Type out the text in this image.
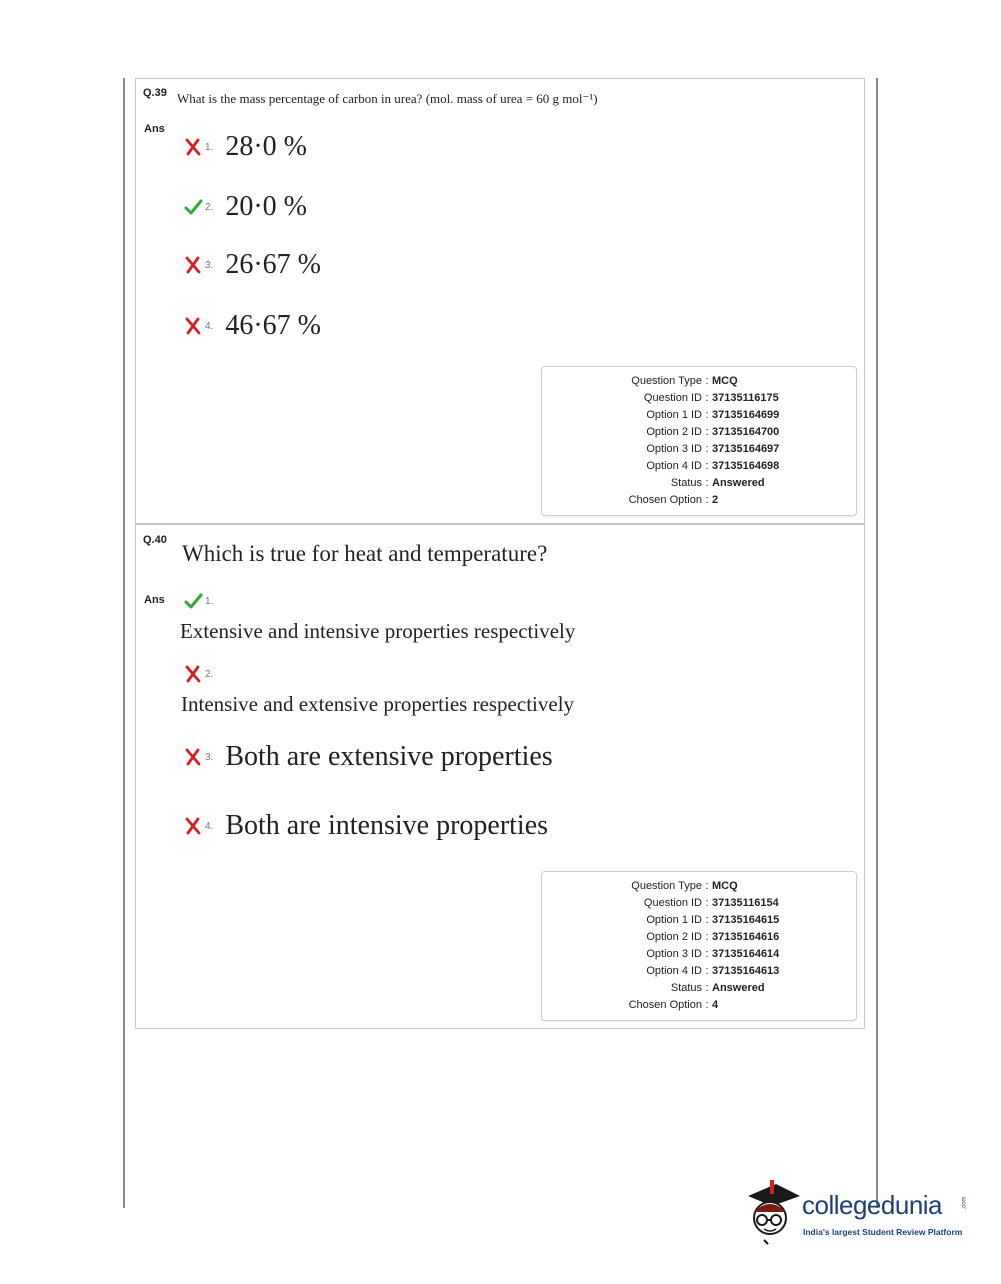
Q.39 What is the mass percentage of carbon in urea? (mol. mass of urea = 60 g mol⁻¹)
Ans
1. 28·0 %
2. 20·0 %
3. 26·67 %
4. 46·67 %
Question Type : MCQ
Question ID : 37135116175
Option 1 ID : 37135164699
Option 2 ID : 37135164700
Option 3 ID : 37135164697
Option 4 ID : 37135164698
Status : Answered
Chosen Option : 2
Q.40
Which is true for heat and temperature?
Ans	1.
Extensive and intensive properties respectively
2.
Intensive and extensive properties respectively
3. Both are extensive properties
4. Both are intensive properties
Question Type : MCQ
Question ID : 37135116154
Option 1 ID : 37135164615
Option 2 ID : 37135164616
Option 3 ID : 37135164614
Option 4 ID : 37135164613
Status : Answered
Chosen Option : 4
collegedunia	.com
India's largest Student Review Platform
